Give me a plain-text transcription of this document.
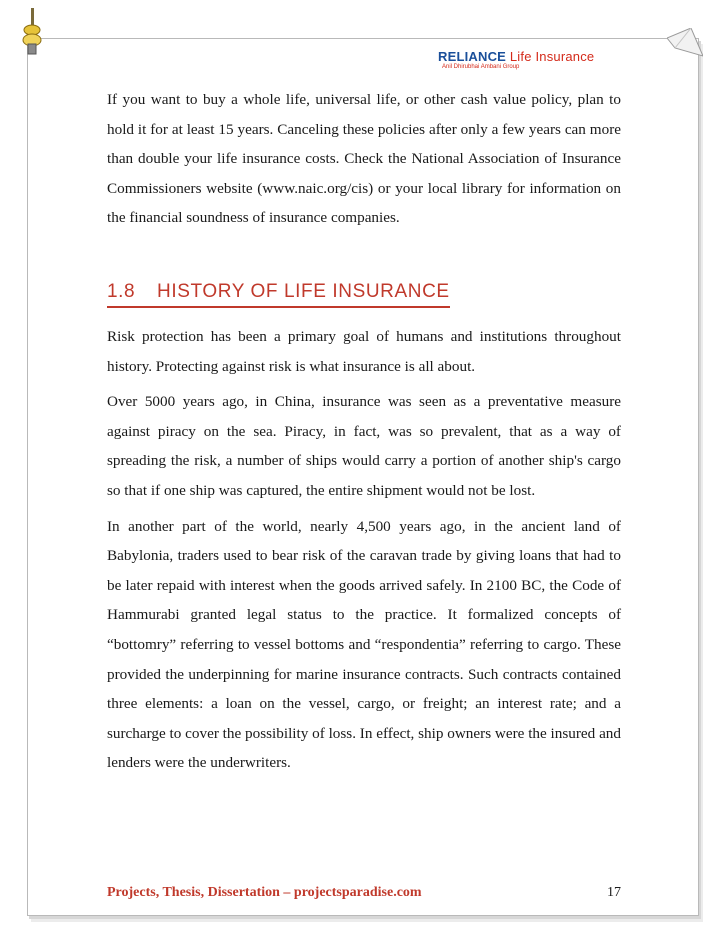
RELIANCE Life Insurance
Anil Dhirubhai Ambani Group

If you want to buy a whole life, universal life, or other cash value policy, plan to hold it for at least 15 years. Canceling these policies after only a few years can more than double your life insurance costs. Check the National Association of Insurance Commissioners website (www.naic.org/cis) or your local library for information on the financial soundness of insurance companies.

1.8 HISTORY OF LIFE INSURANCE

Risk protection has been a primary goal of humans and institutions throughout history. Protecting against risk is what insurance is all about.

Over 5000 years ago, in China, insurance was seen as a preventative measure against piracy on the sea. Piracy, in fact, was so prevalent, that as a way of spreading the risk, a number of ships would carry a portion of another ship's cargo so that if one ship was captured, the entire shipment would not be lost.

In another part of the world, nearly 4,500 years ago, in the ancient land of Babylonia, traders used to bear risk of the caravan trade by giving loans that had to be later repaid with interest when the goods arrived safely. In 2100 BC, the Code of Hammurabi granted legal status to the practice. It formalized concepts of “bottomry” referring to vessel bottoms and “respondentia” referring to cargo. These provided the underpinning for marine insurance contracts. Such contracts contained three elements: a loan on the vessel, cargo, or freight; an interest rate; and a surcharge to cover the possibility of loss. In effect, ship owners were the insured and lenders were the underwriters.

Projects, Thesis, Dissertation – projectsparadise.com	17
